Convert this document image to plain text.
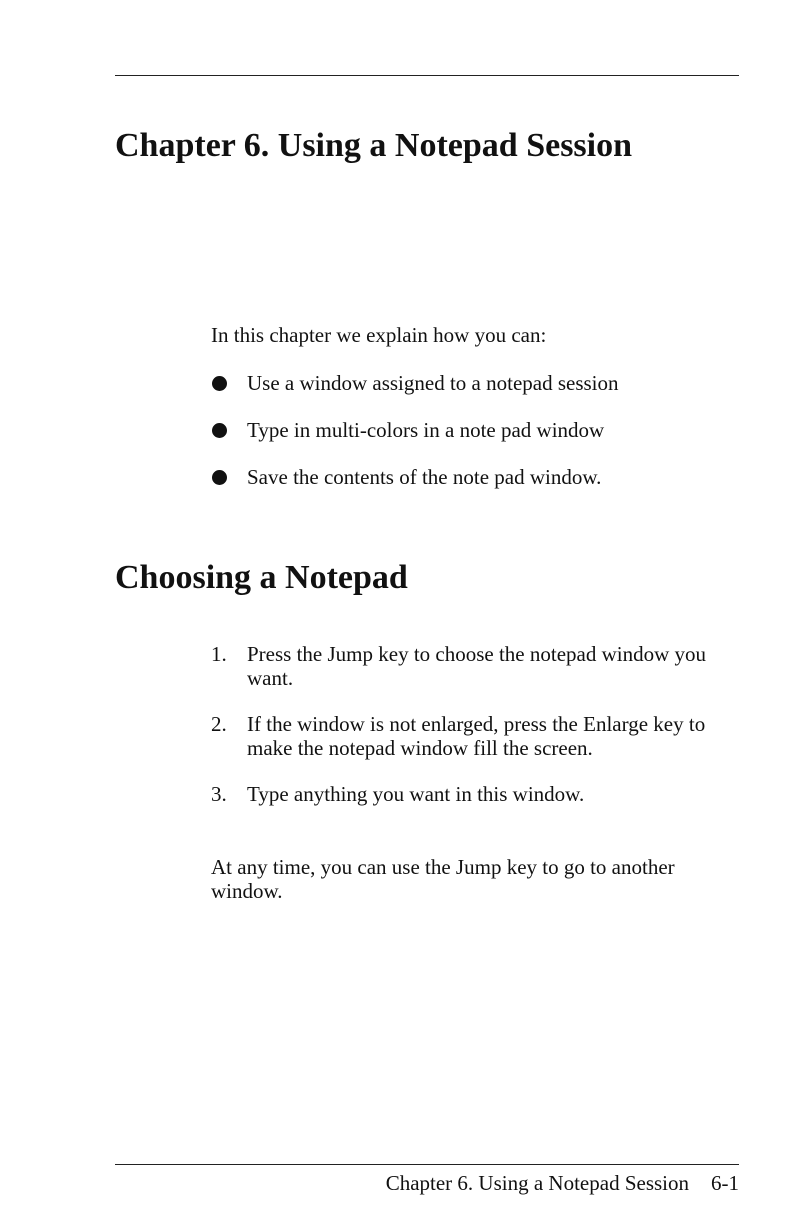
Chapter 6. Using a Notepad Session

In this chapter we explain how you can:

Use a window assigned to a notepad session
Type in multi-colors in a note pad window
Save the contents of the note pad window.
Choosing a Notepad
1. Press the Jump key to choose the notepad window you want.
2. If the window is not enlarged, press the Enlarge key to make the notepad window fill the screen.
3. Type anything you want in this window.

At any time, you can use the Jump key to go to another window.

Chapter 6. Using a Notepad Session 6-1
